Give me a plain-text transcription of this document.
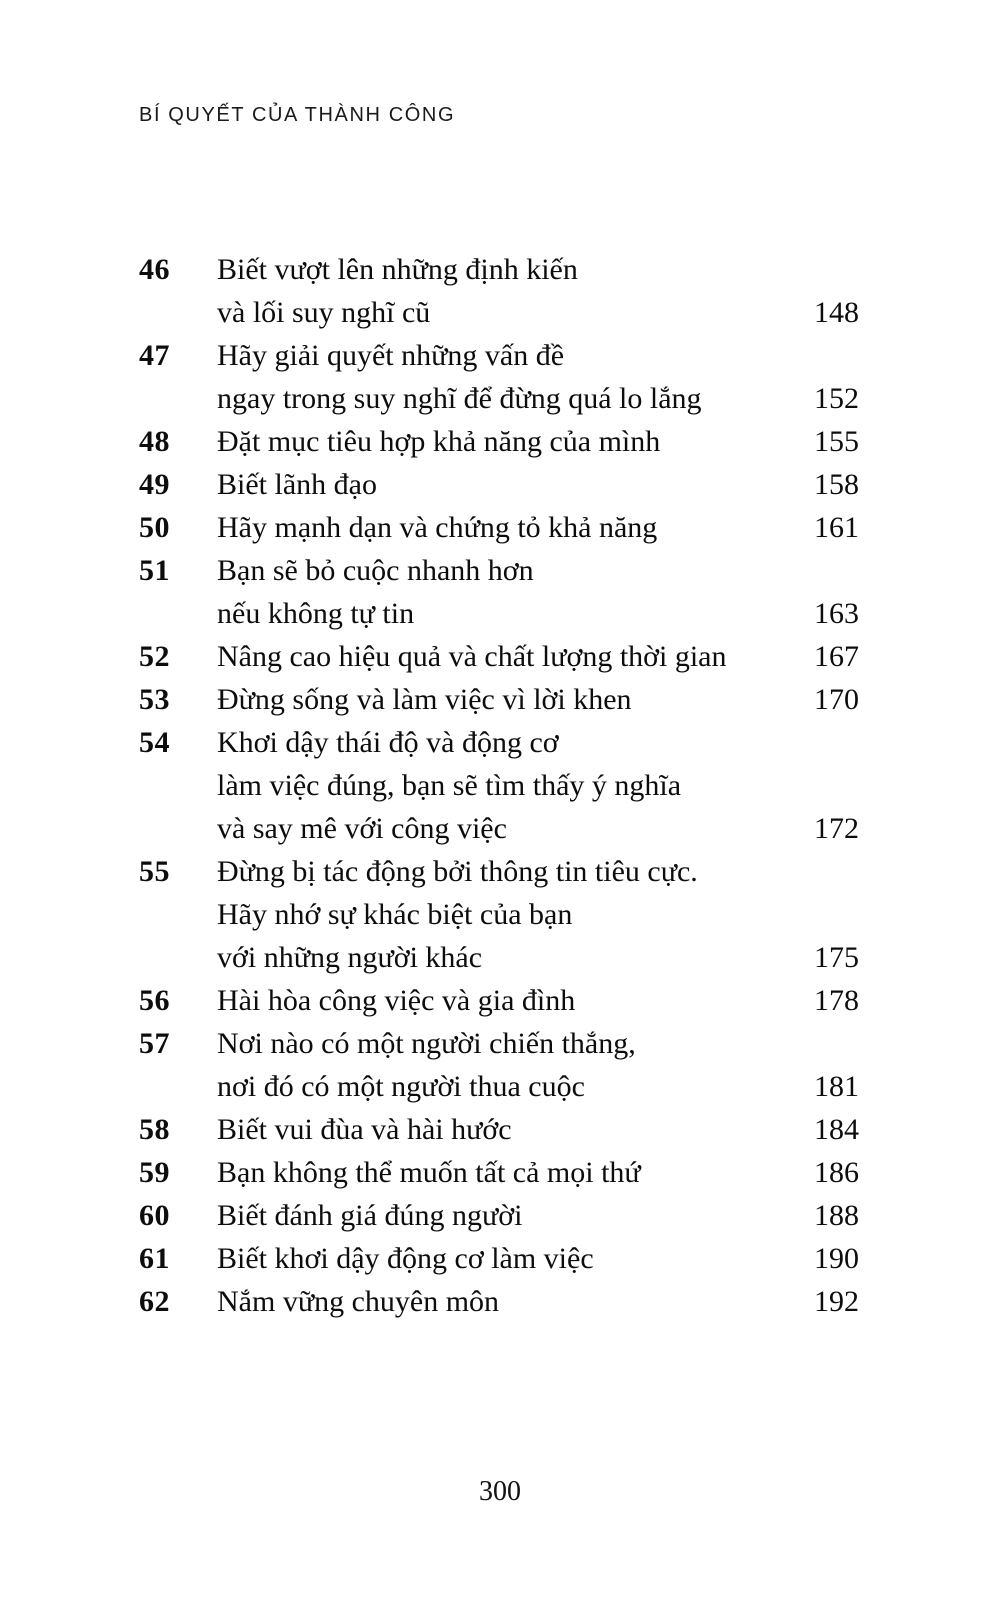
BÍ QUYẾT CỦA THÀNH CÔNG
46	Biết vượt lên những định kiến
và lối suy nghĩ cũ	148
47	Hãy giải quyết những vấn đề
ngay trong suy nghĩ để đừng quá lo lắng	152
48	Đặt mục tiêu hợp khả năng của mình	155
49	Biết lãnh đạo	158
50	Hãy mạnh dạn và chứng tỏ khả năng	161
51	Bạn sẽ bỏ cuộc nhanh hơn
nếu không tự tin	163
52	Nâng cao hiệu quả và chất lượng thời gian	167
53	Đừng sống và làm việc vì lời khen	170
54	Khơi dậy thái độ và động cơ
làm việc đúng, bạn sẽ tìm thấy ý nghĩa
và say mê với công việc	172
55	Đừng bị tác động bởi thông tin tiêu cực.
Hãy nhớ sự khác biệt của bạn
với những người khác	175
56	Hài hòa công việc và gia đình	178
57	Nơi nào có một người chiến thắng,
nơi đó có một người thua cuộc	181
58	Biết vui đùa và hài hước	184
59	Bạn không thể muốn tất cả mọi thứ	186
60	Biết đánh giá đúng người	188
61	Biết khơi dậy động cơ làm việc	190
62	Nắm vững chuyên môn	192
300
